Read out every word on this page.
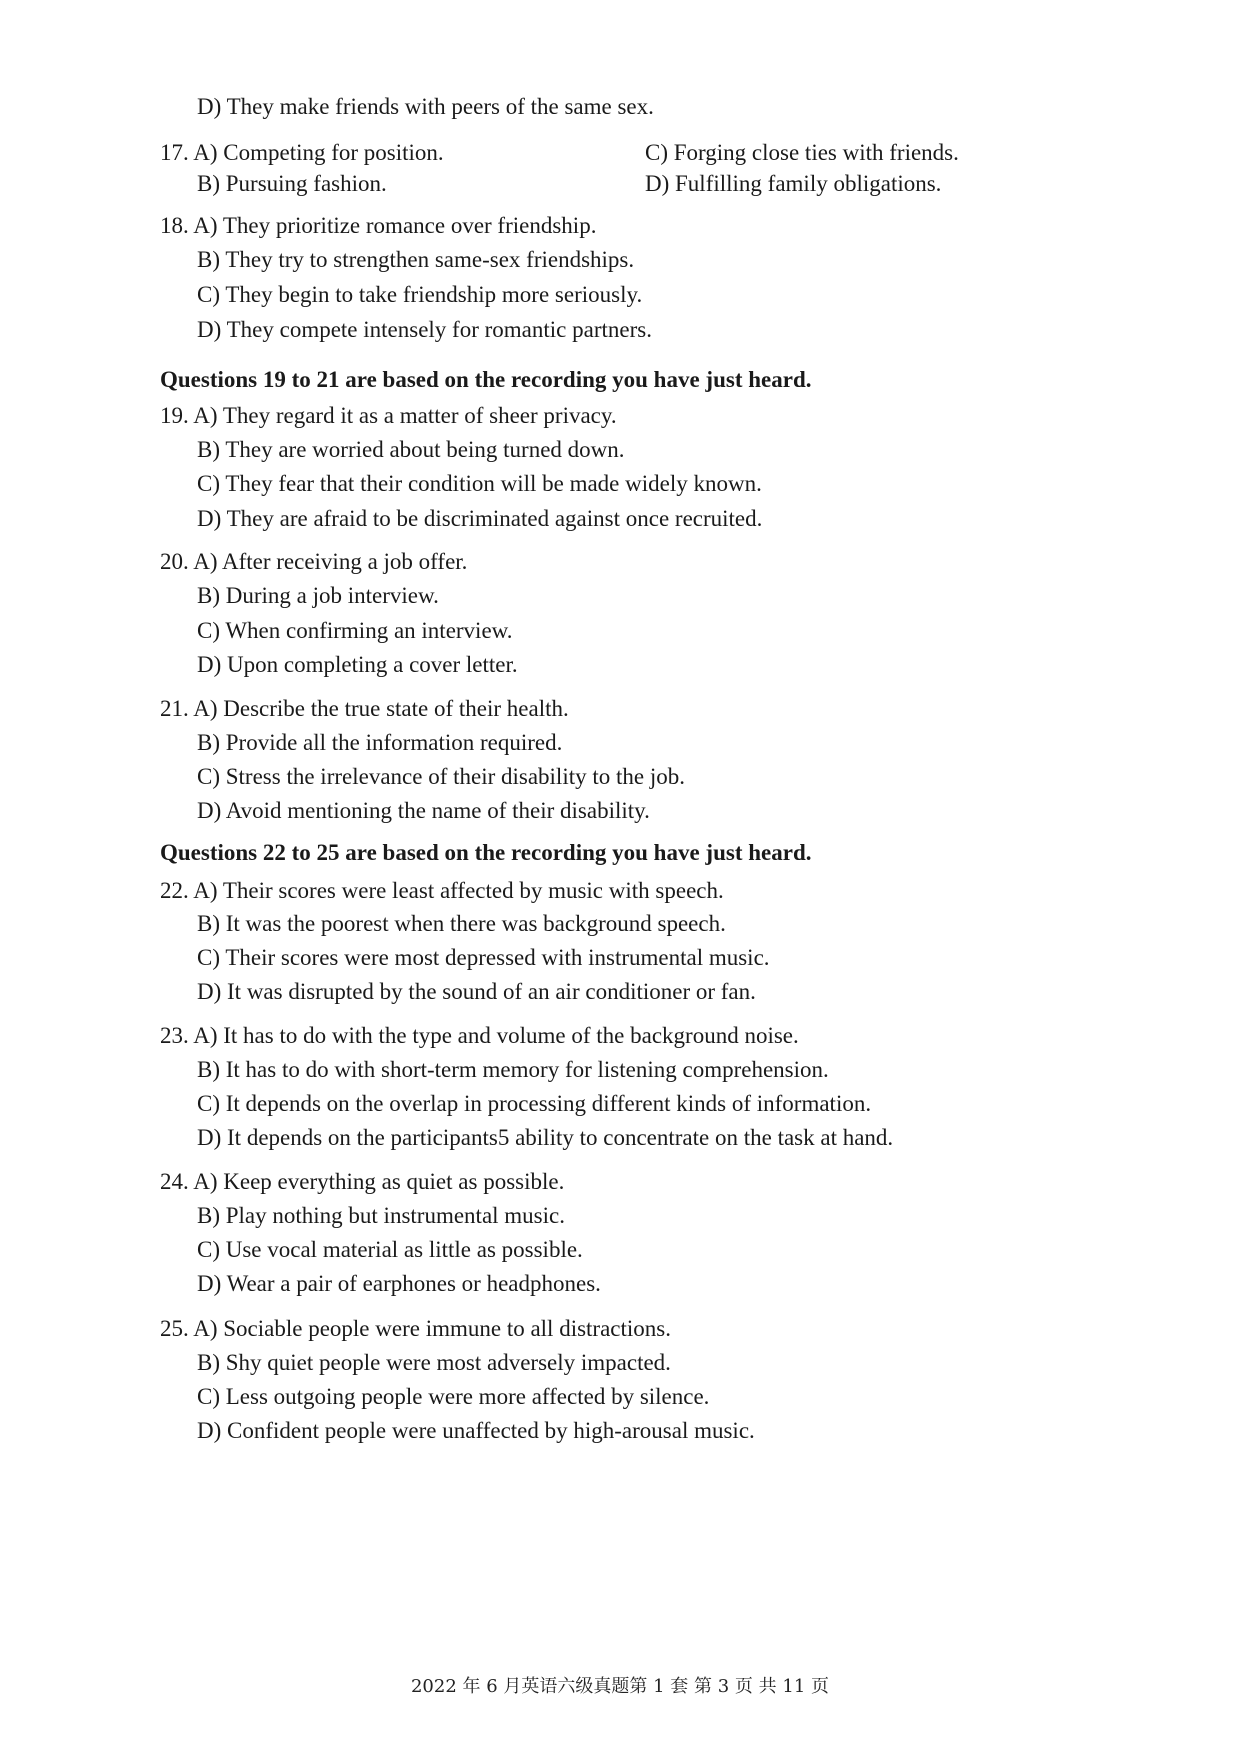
D) They make friends with peers of the same sex.
17. A) Competing for position.	C) Forging close ties with friends.
B) Pursuing fashion.	D) Fulfilling family obligations.
18. A) They prioritize romance over friendship.
B) They try to strengthen same-sex friendships.
C) They begin to take friendship more seriously.
D) They compete intensely for romantic partners.
Questions 19 to 21 are based on the recording you have just heard.
19. A) They regard it as a matter of sheer privacy.
B) They are worried about being turned down.
C) They fear that their condition will be made widely known.
D) They are afraid to be discriminated against once recruited.
20. A) After receiving a job offer.
B) During a job interview.
C) When confirming an interview.
D) Upon completing a cover letter.
21. A) Describe the true state of their health.
B) Provide all the information required.
C) Stress the irrelevance of their disability to the job.
D) Avoid mentioning the name of their disability.
Questions 22 to 25 are based on the recording you have just heard.
22. A) Their scores were least affected by music with speech.
B) It was the poorest when there was background speech.
C) Their scores were most depressed with instrumental music.
D) It was disrupted by the sound of an air conditioner or fan.
23. A) It has to do with the type and volume of the background noise.
B) It has to do with short-term memory for listening comprehension.
C) It depends on the overlap in processing different kinds of information.
D) It depends on the participants5 ability to concentrate on the task at hand.
24. A) Keep everything as quiet as possible.
B) Play nothing but instrumental music.
C) Use vocal material as little as possible.
D) Wear a pair of earphones or headphones.
25. A) Sociable people were immune to all distractions.
B) Shy quiet people were most adversely impacted.
C) Less outgoing people were more affected by silence.
D) Confident people were unaffected by high-arousal music.
2022 年 6 月英语六级真题第 1 套 第 3 页 共 11 页
